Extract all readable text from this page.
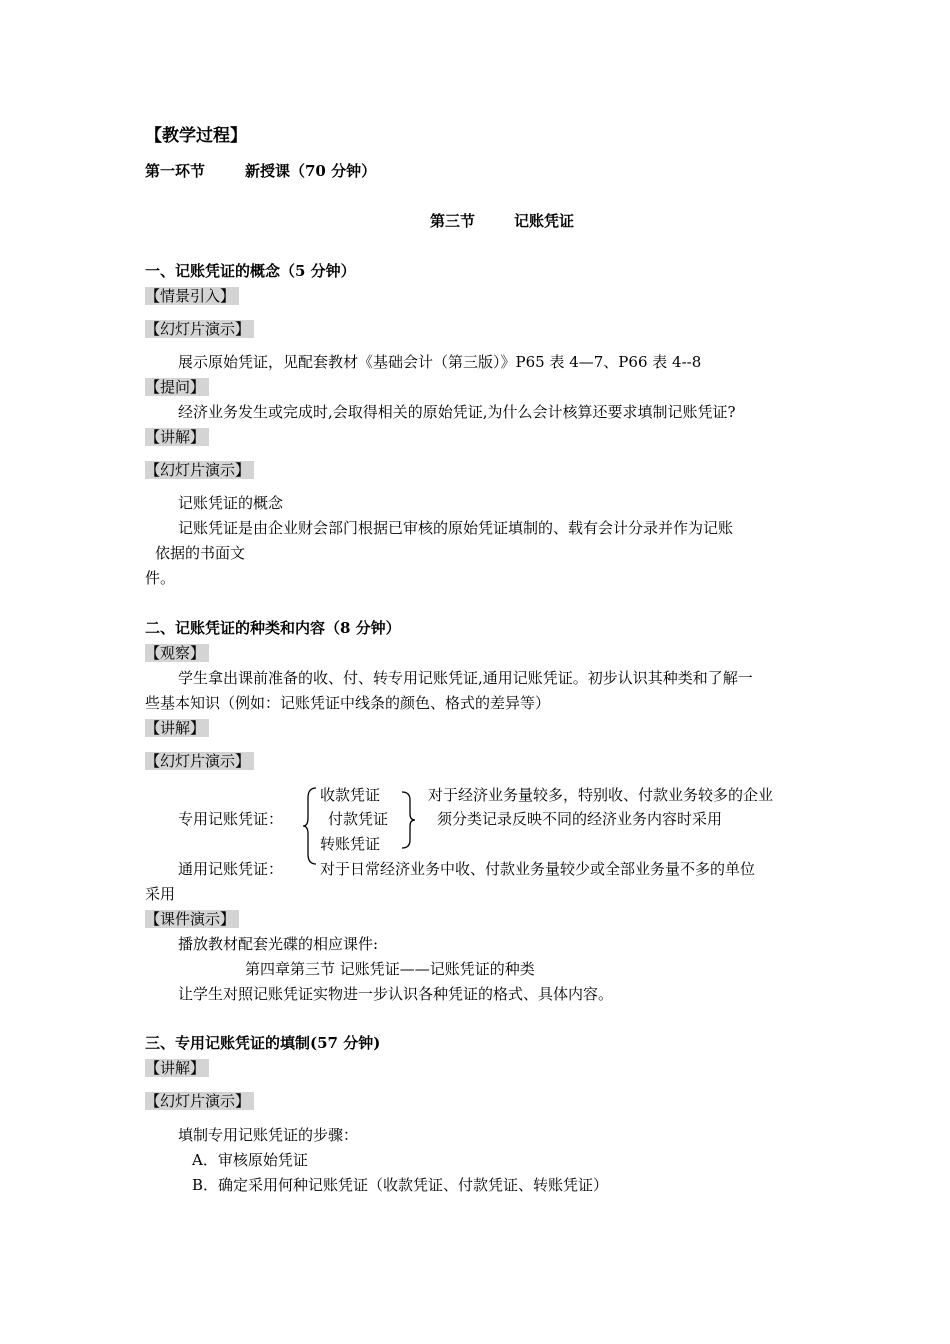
【教学过程】
第一环节	新授课（70 分钟）
第三节	记账凭证
一、记账凭证的概念（5 分钟）
【情景引入】
【幻灯片演示】
展示原始凭证，见配套教材《基础会计（第三版）》P65 表 4—7、P66 表 4--8
【提问】
经济业务发生或完成时,会取得相关的原始凭证,为什么会计核算还要求填制记账凭证?
【讲解】
【幻灯片演示】
记账凭证的概念
记账凭证是由企业财会部门根据已审核的原始凭证填制的、载有会计分录并作为记账
依据的书面文
件。
二、记账凭证的种类和内容（8 分钟）
【观察】
学生拿出课前准备的收、付、转专用记账凭证,通用记账凭证。初步认识其种类和了解一
些基本知识（例如：记账凭证中线条的颜色、格式的差异等）
【讲解】
【幻灯片演示】
专用记账凭证：
收款凭证
付款凭证
转账凭证
对于经济业务量较多，特别收、付款业务较多的企业
须分类记录反映不同的经济业务内容时采用
通用记账凭证： 对于日常经济业务中收、付款业务量较少或全部业务量不多的单位
采用
【课件演示】
播放教材配套光碟的相应课件:
第四章第三节 记账凭证——记账凭证的种类
让学生对照记账凭证实物进一步认识各种凭证的格式、具体内容。
三、专用记账凭证的填制(57 分钟)
【讲解】
【幻灯片演示】
填制专用记账凭证的步骤：
A．审核原始凭证
B．确定采用何种记账凭证（收款凭证、付款凭证、转账凭证）
